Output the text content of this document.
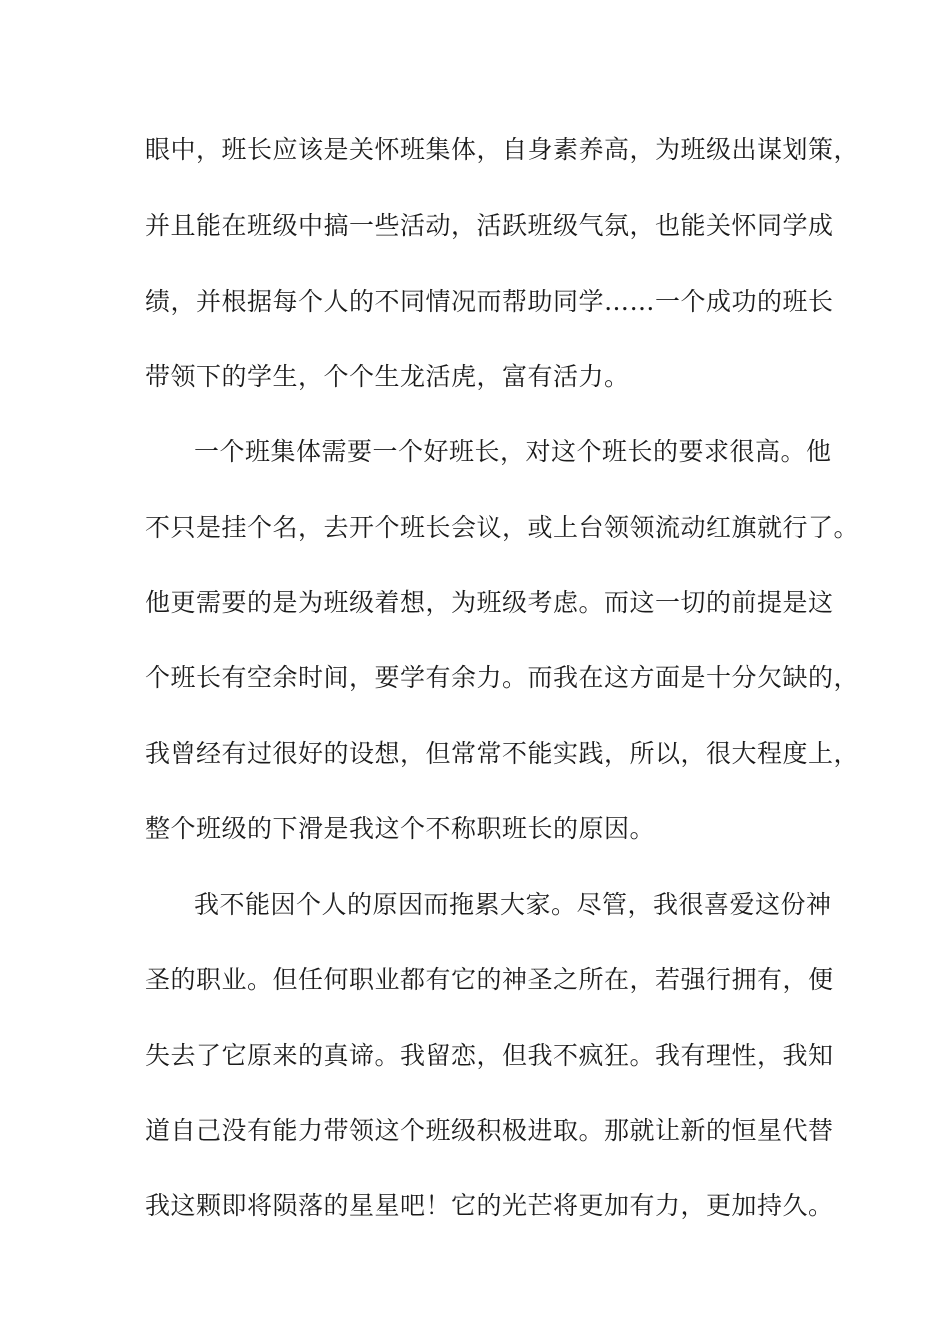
眼中，班长应该是关怀班集体，自身素养高，为班级出谋划策，
并且能在班级中搞一些活动，活跃班级气氛，也能关怀同学成
绩，并根据每个人的不同情况而帮助同学……一个成功的班长
带领下的学生，个个生龙活虎，富有活力。
一个班集体需要一个好班长，对这个班长的要求很高。他
不只是挂个名，去开个班长会议，或上台领领流动红旗就行了。
他更需要的是为班级着想，为班级考虑。而这一切的前提是这
个班长有空余时间，要学有余力。而我在这方面是十分欠缺的，
我曾经有过很好的设想，但常常不能实践，所以，很大程度上，
整个班级的下滑是我这个不称职班长的原因。
我不能因个人的原因而拖累大家。尽管，我很喜爱这份神
圣的职业。但任何职业都有它的神圣之所在，若强行拥有，便
失去了它原来的真谛。我留恋，但我不疯狂。我有理性，我知
道自己没有能力带领这个班级积极进取。那就让新的恒星代替
我这颗即将陨落的星星吧！它的光芒将更加有力，更加持久。
